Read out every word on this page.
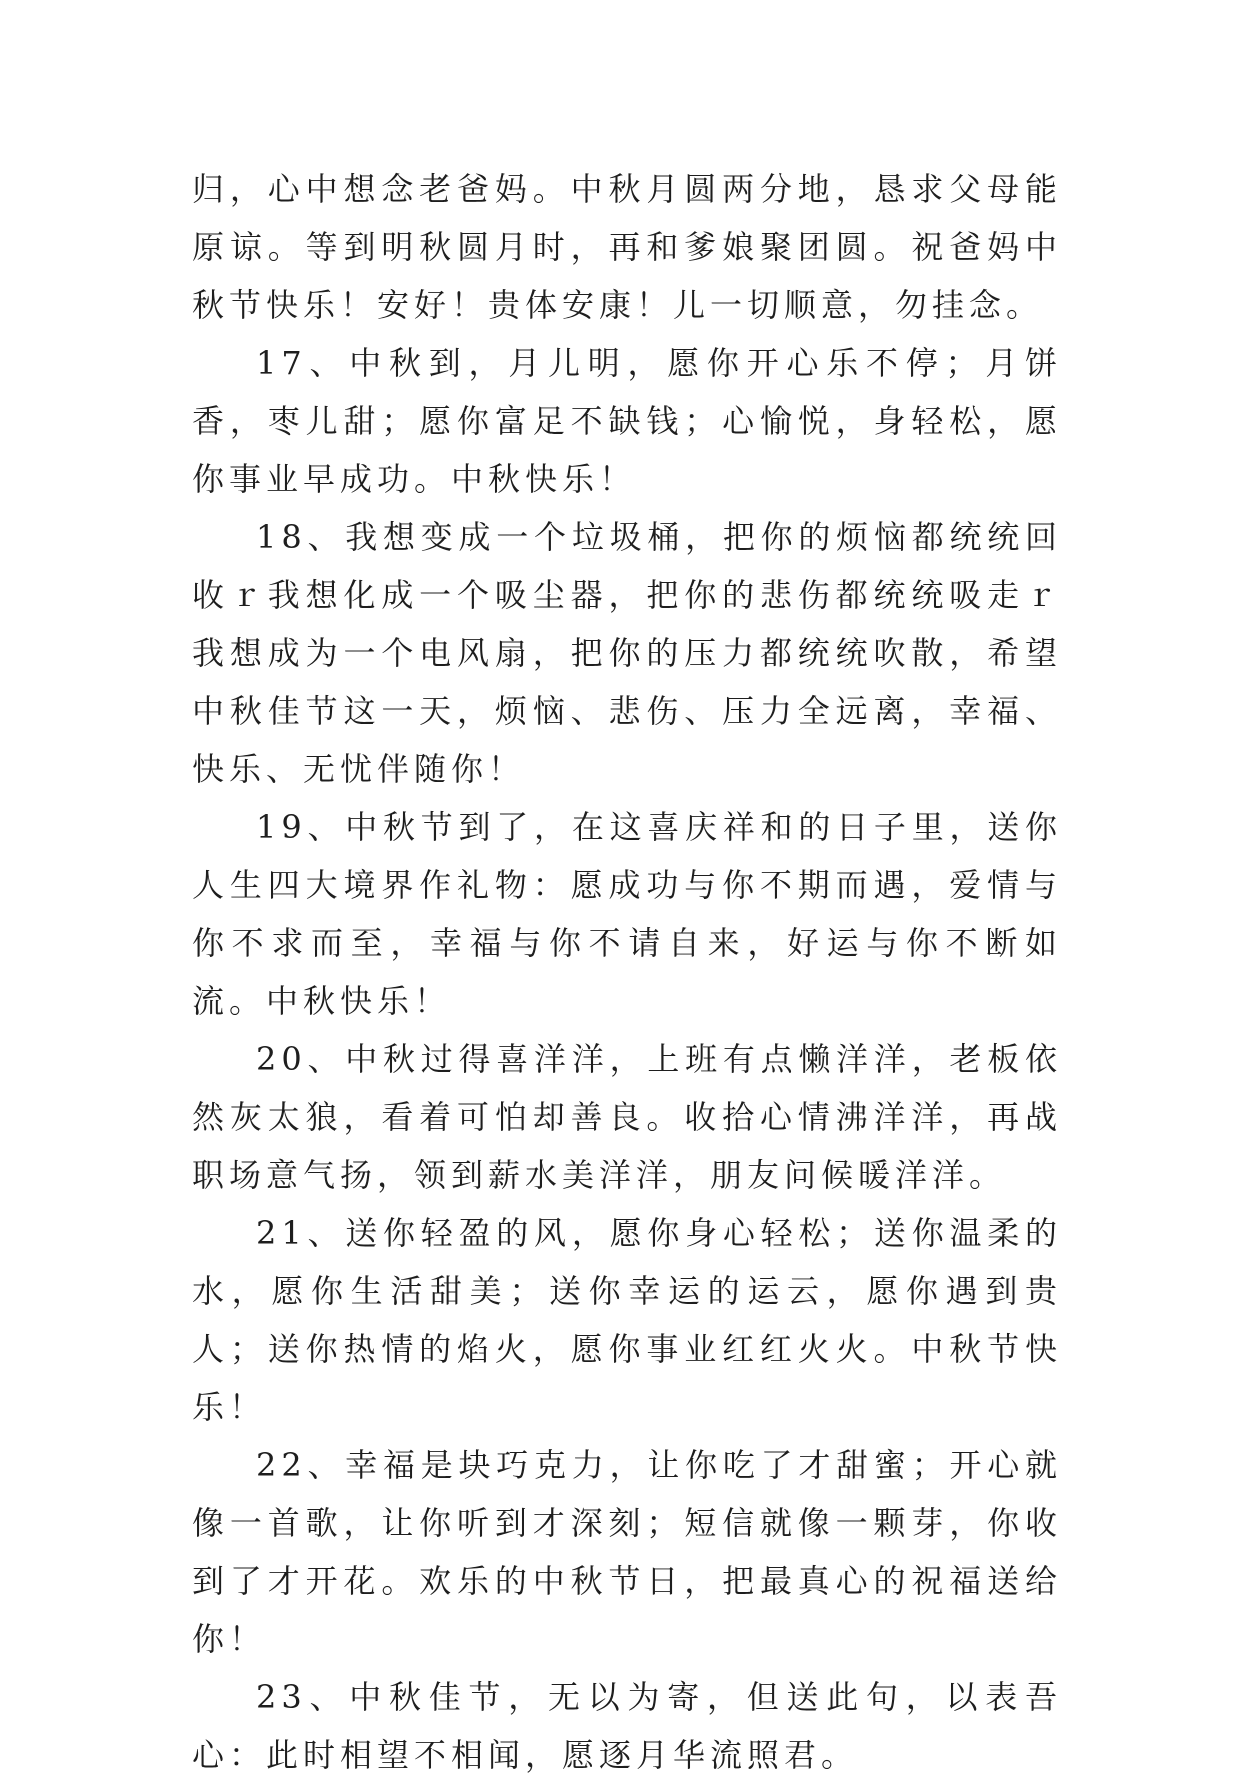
归，心中想念老爸妈。中秋月圆两分地，恳求父母能原谅。等到明秋圆月时，再和爹娘聚团圆。祝爸妈中秋节快乐！安好！贵体安康！儿一切顺意，勿挂念。

17、中秋到，月儿明，愿你开心乐不停；月饼香，枣儿甜；愿你富足不缺钱；心愉悦，身轻松，愿你事业早成功。中秋快乐！

18、我想变成一个垃圾桶，把你的烦恼都统统回收ｒ我想化成一个吸尘器，把你的悲伤都统统吸走ｒ我想成为一个电风扇，把你的压力都统统吹散，希望中秋佳节这一天，烦恼、悲伤、压力全远离，幸福、快乐、无忧伴随你！

19、中秋节到了，在这喜庆祥和的日子里，送你人生四大境界作礼物：愿成功与你不期而遇，爱情与你不求而至，幸福与你不请自来，好运与你不断如流。中秋快乐！

20、中秋过得喜洋洋，上班有点懒洋洋，老板依然灰太狼，看着可怕却善良。收拾心情沸洋洋，再战职场意气扬，领到薪水美洋洋，朋友问候暖洋洋。

21、送你轻盈的风，愿你身心轻松；送你温柔的水，愿你生活甜美；送你幸运的运云，愿你遇到贵人；送你热情的焰火，愿你事业红红火火。中秋节快乐！

22、幸福是块巧克力，让你吃了才甜蜜；开心就像一首歌，让你听到才深刻；短信就像一颗芽，你收到了才开花。欢乐的中秋节日，把最真心的祝福送给你！

23、中秋佳节，无以为寄，但送此句，以表吾心：此时相望不相闻，愿逐月华流照君。
